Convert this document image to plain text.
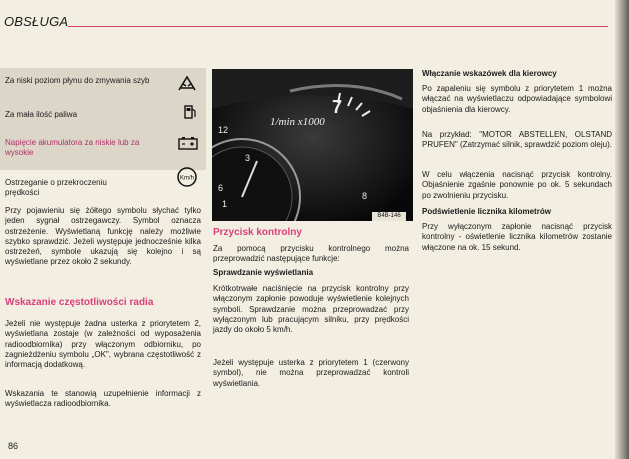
OBSŁUGA
Za niski poziom płynu do zmywania szyb
Za mała ilość paliwa
Napięcie akumulatora za niskie lub za wysokie
Ostrzeganie o przekroczeniu prędkości
Km/h
Przy pojawieniu się żółtego symbolu słychać tylko jeden sygnał ostrzegawczy. Symbol oznacza ostrzeżenie. Wyświetlaną funkcję należy możliwie szybko sprawdzić. Jeżeli występuje jednocześnie kilka ostrzeżeń, symbole ukazują się kolejno i są wyświetlane przez około 2 sekundy.
Wskazanie częstotliwości radia
Jeżeli nie występuje żadna usterka z priorytetem 2, wyświetlana zostaje (w zależności od wyposażenia radioodbiornika) przy włączonym odbiorniku, po zagnieżdżeniu symbolu „OK", wybrana częstotliwość z informacją dodatkową.
Wskazania te stanowią uzupełnienie informacji z wyświetlacza radioodbiornika.
1/min x1000
7
12
3
6
1
8
B4B-146
Przycisk kontrolny
Za pomocą przycisku kontrolnego można przeprowadzić następujące funkcje:
Sprawdzanie wyświetlania
Krótkotrwałe naciśnięcie na przycisk kontrolny przy włączonym zapłonie powoduje wyświetlenie kolejnych symboli. Sprawdzanie można przeprowadzać przy wyłączonym lub pracującym silniku, przy prędkości jazdy do około 5 km/h.
Jeżeli występuje usterka z priorytetem 1 (czerwony symbol), nie można przeprowadzać kontroli wyświetlania.
Włączanie wskazówek dla kierowcy
Po zapaleniu się symbolu z priorytetem 1 można włączać na wyświetlaczu odpowiadające symbolowi objaśnienia dla kierowcy.
Na przykład: "MOTOR ABSTELLEN, OLSTAND PRUFEN" (Zatrzymać silnik, sprawdzić poziom oleju).
W celu włączenia nacisnąć przycisk kontrolny. Objaśnienie zgaśnie ponownie po ok. 5 sekundach po zwolnieniu przycisku.
Podświetlenie licznika kilometrów
Przy wyłączonym zapłonie nacisnąć przycisk kontrolny - oświetlenie licznika kilometrów zostanie włączone na ok. 15 sekund.
86
